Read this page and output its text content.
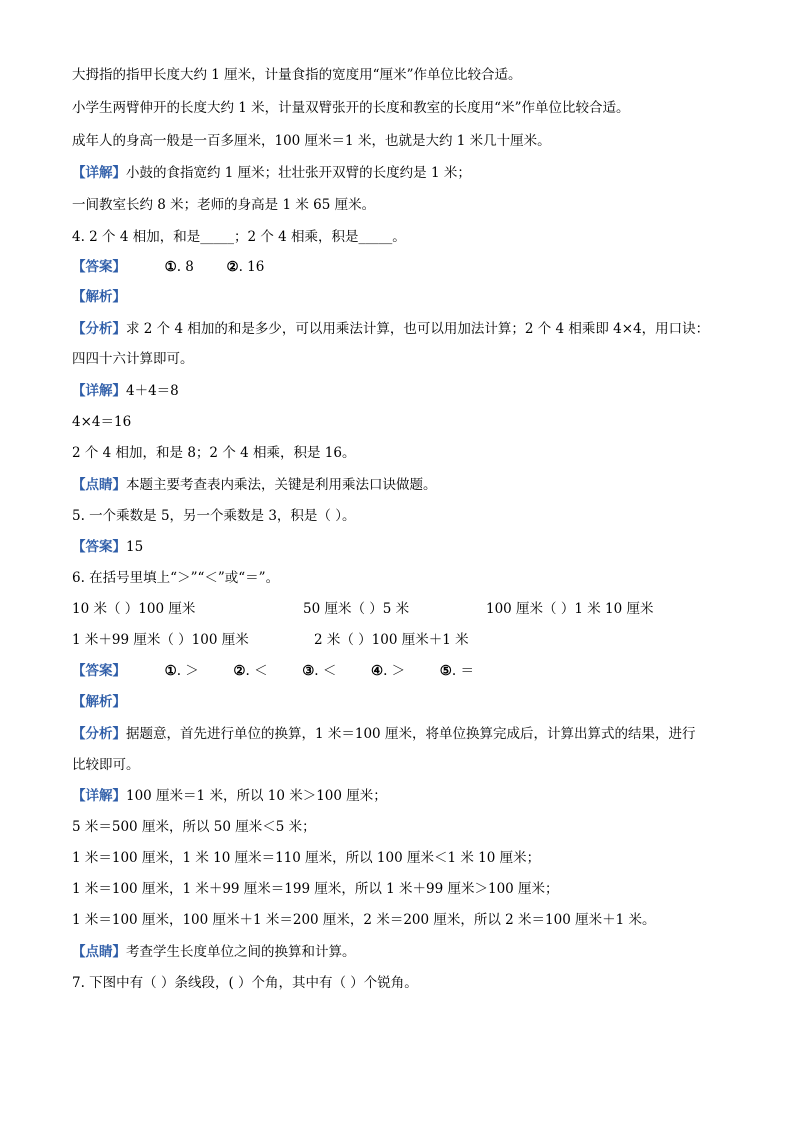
大拇指的指甲长度大约 1 厘米，计量食指的宽度用“厘米”作单位比较合适。
小学生两臂伸开的长度大约 1 米，计量双臂张开的长度和教室的长度用“米”作单位比较合适。
成年人的身高一般是一百多厘米，100 厘米＝1 米，也就是大约 1 米几十厘米。
【详解】小鼓的食指宽约 1 厘米；壮壮张开双臂的长度约是 1 米；
一间教室长约 8 米；老师的身高是 1 米 65 厘米。
4. 2 个 4 相加，和是_____；2 个 4 相乘，积是_____。
【答案】	①. 8 ②. 16
【解析】
【分析】求 2 个 4 相加的和是多少，可以用乘法计算，也可以用加法计算；2 个 4 相乘即 4×4，用口诀：
四四十六计算即可。
【详解】4＋4＝8
4×4＝16
2 个 4 相加，和是 8；2 个 4 相乘，积是 16。
【点睛】本题主要考查表内乘法，关键是利用乘法口诀做题。
5. 一个乘数是 5，另一个乘数是 3，积是（ ）。
【答案】15
6. 在括号里填上“＞”“＜”或“＝”。
10 米（ ）100 厘米	50 厘米（ ）5 米	100 厘米（ ）1 米 10 厘米
1 米＋99 厘米（ ）100 厘米	2 米（ ）100 厘米＋1 米
【答案】	①. ＞	②. ＜	③. ＜	④. ＞	⑤. ＝
【解析】
【分析】据题意，首先进行单位的换算，1 米＝100 厘米，将单位换算完成后，计算出算式的结果，进行
比较即可。
【详解】100 厘米＝1 米，所以 10 米＞100 厘米；
5 米＝500 厘米，所以 50 厘米＜5 米；
1 米＝100 厘米，1 米 10 厘米＝110 厘米，所以 100 厘米＜1 米 10 厘米；
1 米＝100 厘米，1 米＋99 厘米＝199 厘米，所以 1 米＋99 厘米＞100 厘米；
1 米＝100 厘米，100 厘米＋1 米＝200 厘米，2 米＝200 厘米，所以 2 米＝100 厘米＋1 米。
【点睛】考查学生长度单位之间的换算和计算。
7. 下图中有（ ）条线段，( ）个角，其中有（ ）个锐角。
